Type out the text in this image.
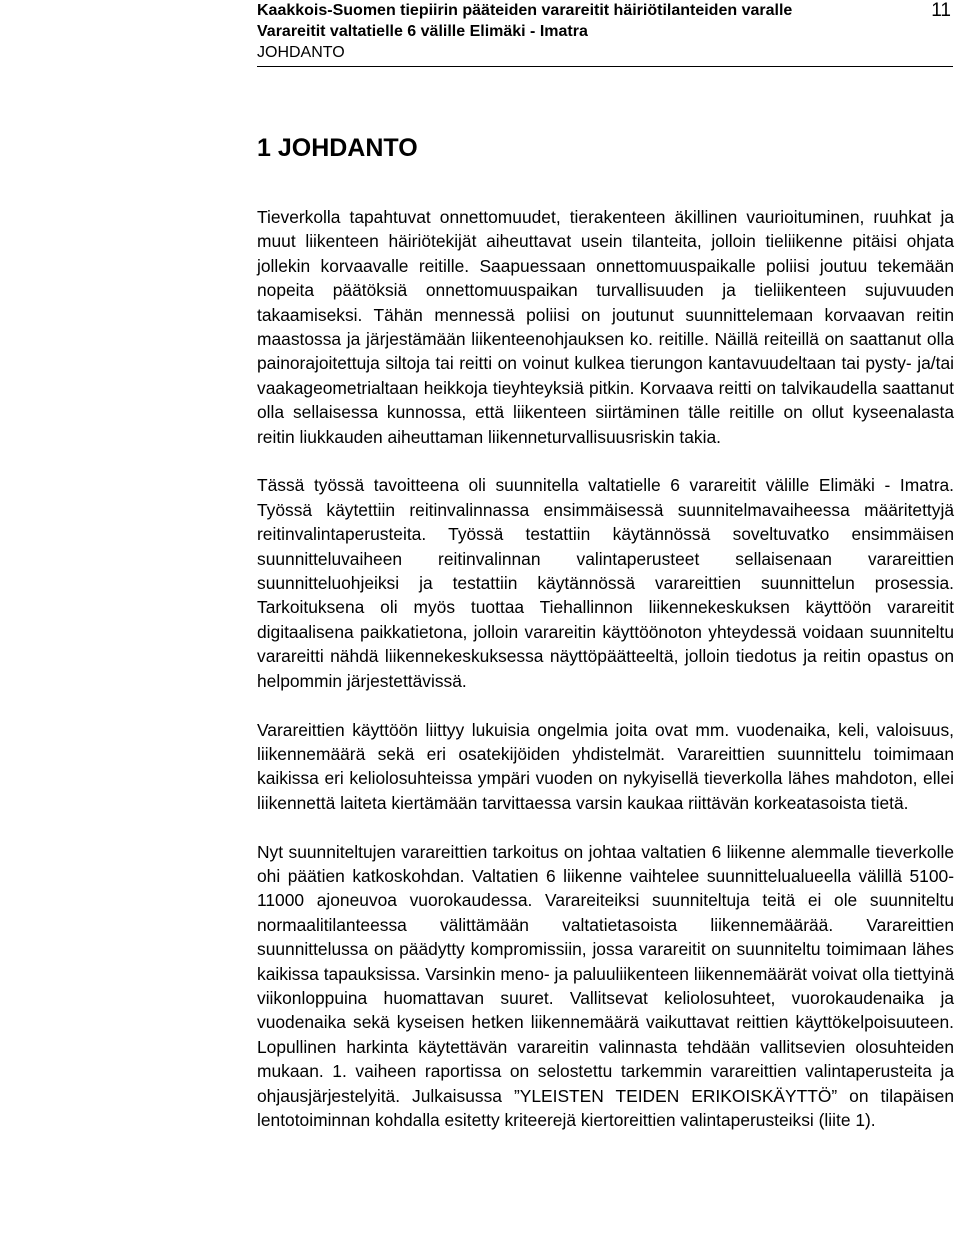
Kaakkois-Suomen tiepiirin pääteiden varareitit häiriötilanteiden varalle
Varareitit valtatielle 6 välille Elimäki - Imatra
JOHDANTO
11
1 JOHDANTO

Tieverkolla tapahtuvat onnettomuudet, tierakenteen äkillinen vaurioituminen, ruuhkat ja muut liikenteen häiriötekijät aiheuttavat usein tilanteita, jolloin tieliikenne pitäisi ohjata jollekin korvaavalle reitille. Saapuessaan onnettomuuspaikalle poliisi joutuu tekemään nopeita päätöksiä onnettomuuspaikan turvallisuuden ja tieliikenteen sujuvuuden takaamiseksi. Tähän mennessä poliisi on joutunut suunnittelemaan korvaavan reitin maastossa ja järjestämään liikenteenohjauksen ko. reitille. Näillä reiteillä on saattanut olla painorajoitettuja siltoja tai reitti on voinut kulkea tierungon kantavuudeltaan tai pysty- ja/tai vaakageometrialtaan heikkoja tieyhteyksiä pitkin. Korvaava reitti on talvikaudella saattanut olla sellaisessa kunnossa, että liikenteen siirtäminen tälle reitille on ollut kyseenalasta reitin liukkauden aiheuttaman liikenneturvallisuusriskin takia.

Tässä työssä tavoitteena oli suunnitella valtatielle 6 varareitit välille Elimäki - Imatra. Työssä käytettiin reitinvalinnassa ensimmäisessä suunnitelmavaiheessa määritettyjä reitinvalintaperusteita. Työssä testattiin käytännössä soveltuvatko ensimmäisen suunnitteluvaiheen reitinvalinnan valintaperusteet sellaisenaan varareittien suunnitteluohjeiksi ja testattiin käytännössä varareittien suunnittelun prosessia. Tarkoituksena oli myös tuottaa Tiehallinnon liikennekeskuksen käyttöön varareitit digitaalisena paikkatietona, jolloin varareitin käyttöönoton yhteydessä voidaan suunniteltu varareitti nähdä liikennekeskuksessa näyttöpäätteeltä, jolloin tiedotus ja reitin opastus on helpommin järjestettävissä.

Varareittien käyttöön liittyy lukuisia ongelmia joita ovat mm. vuodenaika, keli, valoisuus, liikennemäärä sekä eri osatekijöiden yhdistelmät. Varareittien suunnittelu toimimaan kaikissa eri keliolosuhteissa ympäri vuoden on nykyisellä tieverkolla lähes mahdoton, ellei liikennettä laiteta kiertämään tarvittaessa varsin kaukaa riittävän korkeatasoista tietä.

Nyt suunniteltujen varareittien tarkoitus on johtaa valtatien 6 liikenne alemmalle tieverkolle ohi päätien katkoskohdan. Valtatien 6 liikenne vaihtelee suunnittelualueella välillä 5100-11000 ajoneuvoa vuorokaudessa. Varareiteiksi suunniteltuja teitä ei ole suunniteltu normaalitilanteessa välittämään valtatietasoista liikennemäärää. Varareittien suunnittelussa on päädytty kompromissiin, jossa varareitit on suunniteltu toimimaan lähes kaikissa tapauksissa. Varsinkin meno- ja paluuliikenteen liikennemäärät voivat olla tiettyinä viikonloppuina huomattavan suuret. Vallitsevat keliolosuhteet, vuorokaudenaika ja vuodenaika sekä kyseisen hetken liikennemäärä vaikuttavat reittien käyttökelpoisuuteen. Lopullinen harkinta käytettävän varareitin valinnasta tehdään vallitsevien olosuhteiden mukaan. 1. vaiheen raportissa on selostettu tarkemmin varareittien valintaperusteita ja ohjausjärjestelyitä. Julkaisussa ”YLEISTEN TEIDEN ERIKOISKÄYTTÖ” on tilapäisen lentotoiminnan kohdalla esitetty kriteerejä kiertoreittien valintaperusteiksi (liite 1).
